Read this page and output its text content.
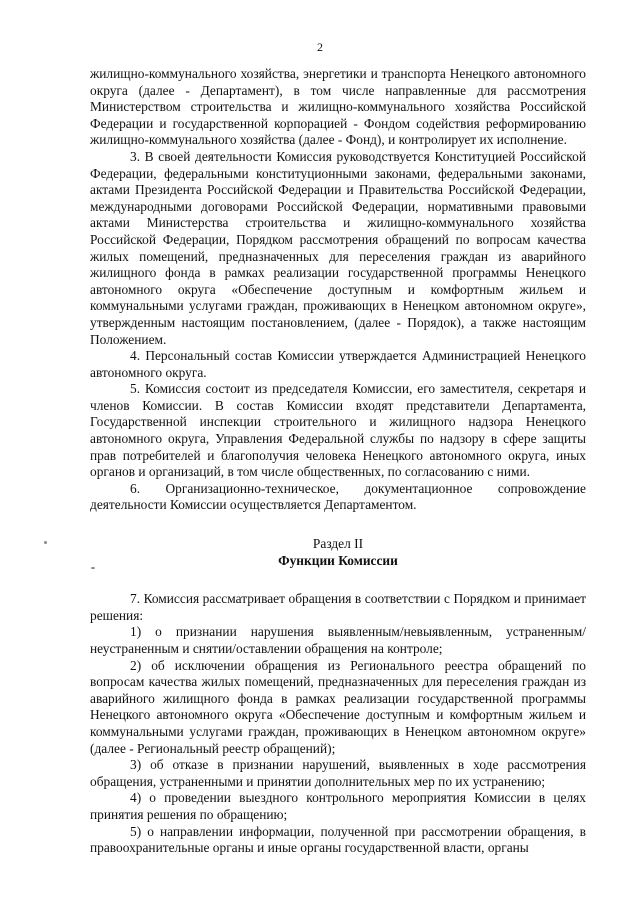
2

жилищно-коммунального хозяйства, энергетики и транспорта Ненецкого автономного округа (далее - Департамент), в том числе направленные для рассмотрения Министерством строительства и жилищно-коммунального хозяйства Российской Федерации и государственной корпорацией - Фондом содействия реформированию жилищно-коммунального хозяйства (далее - Фонд), и контролирует их исполнение.

3. В своей деятельности Комиссия руководствуется Конституцией Российской Федерации, федеральными конституционными законами, федеральными законами, актами Президента Российской Федерации и Правительства Российской Федерации, международными договорами Российской Федерации, нормативными правовыми актами Министерства строительства и жилищно-коммунального хозяйства Российской Федерации, Порядком рассмотрения обращений по вопросам качества жилых помещений, предназначенных для переселения граждан из аварийного жилищного фонда в рамках реализации государственной программы Ненецкого автономного округа «Обеспечение доступным и комфортным жильем и коммунальными услугами граждан, проживающих в Ненецком автономном округе», утвержденным настоящим постановлением, (далее - Порядок), а также настоящим Положением.

4. Персональный состав Комиссии утверждается Администрацией Ненецкого автономного округа.

5. Комиссия состоит из председателя Комиссии, его заместителя, секретаря и членов Комиссии. В состав Комиссии входят представители Департамента, Государственной инспекции строительного и жилищного надзора Ненецкого автономного округа, Управления Федеральной службы по надзору в сфере защиты прав потребителей и благополучия человека Ненецкого автономного округа, иных органов и организаций, в том числе общественных, по согласованию с ними.

6. Организационно-техническое, документационное сопровождение деятельности Комиссии осуществляется Департаментом.

Раздел II

Функции Комиссии

7. Комиссия рассматривает обращения в соответствии с Порядком и принимает решения:

1) о признании нарушения выявленным/невыявленным, устраненным/неустраненным и снятии/оставлении обращения на контроле;

2) об исключении обращения из Регионального реестра обращений по вопросам качества жилых помещений, предназначенных для переселения граждан из аварийного жилищного фонда в рамках реализации государственной программы Ненецкого автономного округа «Обеспечение доступным и комфортным жильем и коммунальными услугами граждан, проживающих в Ненецком автономном округе» (далее - Региональный реестр обращений);

3) об отказе в признании нарушений, выявленных в ходе рассмотрения обращения, устраненными и принятии дополнительных мер по их устранению;

4) о проведении выездного контрольного мероприятия Комиссии в целях принятия решения по обращению;

5) о направлении информации, полученной при рассмотрении обращения, в правоохранительные органы и иные органы государственной власти, органы
